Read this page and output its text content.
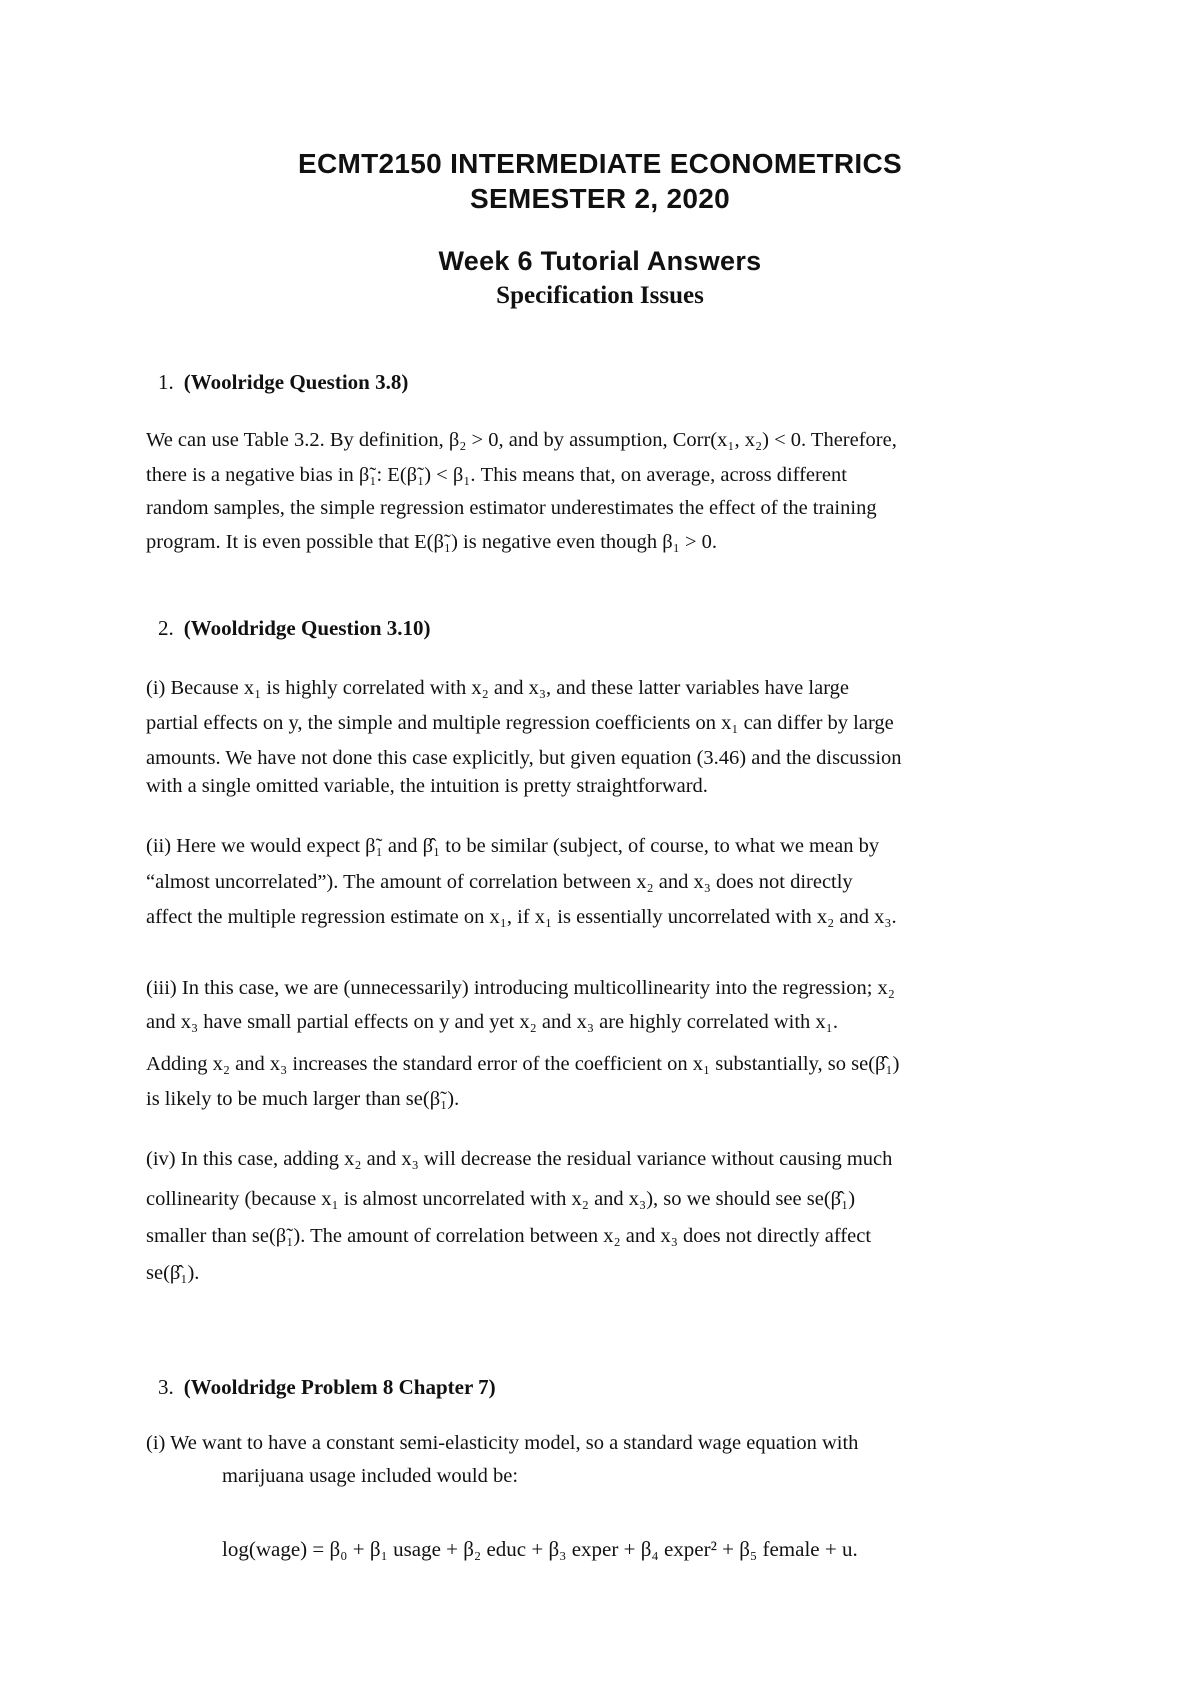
ECMT2150 INTERMEDIATE ECONOMETRICS
SEMESTER 2, 2020
Week 6 Tutorial Answers
Specification Issues
1. (Woolridge Question 3.8)
We can use Table 3.2. By definition, β₂ > 0, and by assumption, Corr(x₁, x₂) < 0. Therefore,
there is a negative bias in β̃₁: E(β̃₁) < β₁. This means that, on average, across different
random samples, the simple regression estimator underestimates the effect of the training
program. It is even possible that E(β̃₁) is negative even though β₁ > 0.
2. (Wooldridge Question 3.10)
(i) Because x₁ is highly correlated with x₂ and x₃, and these latter variables have large
partial effects on y, the simple and multiple regression coefficients on x₁ can differ by large
amounts. We have not done this case explicitly, but given equation (3.46) and the discussion
with a single omitted variable, the intuition is pretty straightforward.
(ii) Here we would expect β̃₁ and β̂₁ to be similar (subject, of course, to what we mean by
“almost uncorrelated”). The amount of correlation between x₂ and x₃ does not directly
affect the multiple regression estimate on x₁, if x₁ is essentially uncorrelated with x₂ and x₃.
(iii) In this case, we are (unnecessarily) introducing multicollinearity into the regression; x₂
and x₃ have small partial effects on y and yet x₂ and x₃ are highly correlated with x₁.
Adding x₂ and x₃ increases the standard error of the coefficient on x₁ substantially, so se(β̂₁)
is likely to be much larger than se(β̃₁).
(iv) In this case, adding x₂ and x₃ will decrease the residual variance without causing much
collinearity (because x₁ is almost uncorrelated with x₂ and x₃), so we should see se(β̂₁)
smaller than se(β̃₁). The amount of correlation between x₂ and x₃ does not directly affect
se(β̂₁).
3. (Wooldridge Problem 8 Chapter 7)
(i) We want to have a constant semi-elasticity model, so a standard wage equation with
marijuana usage included would be:
log(wage) = β₀ + β₁ usage + β₂ educ + β₃ exper + β₄ exper² + β₅ female + u.
